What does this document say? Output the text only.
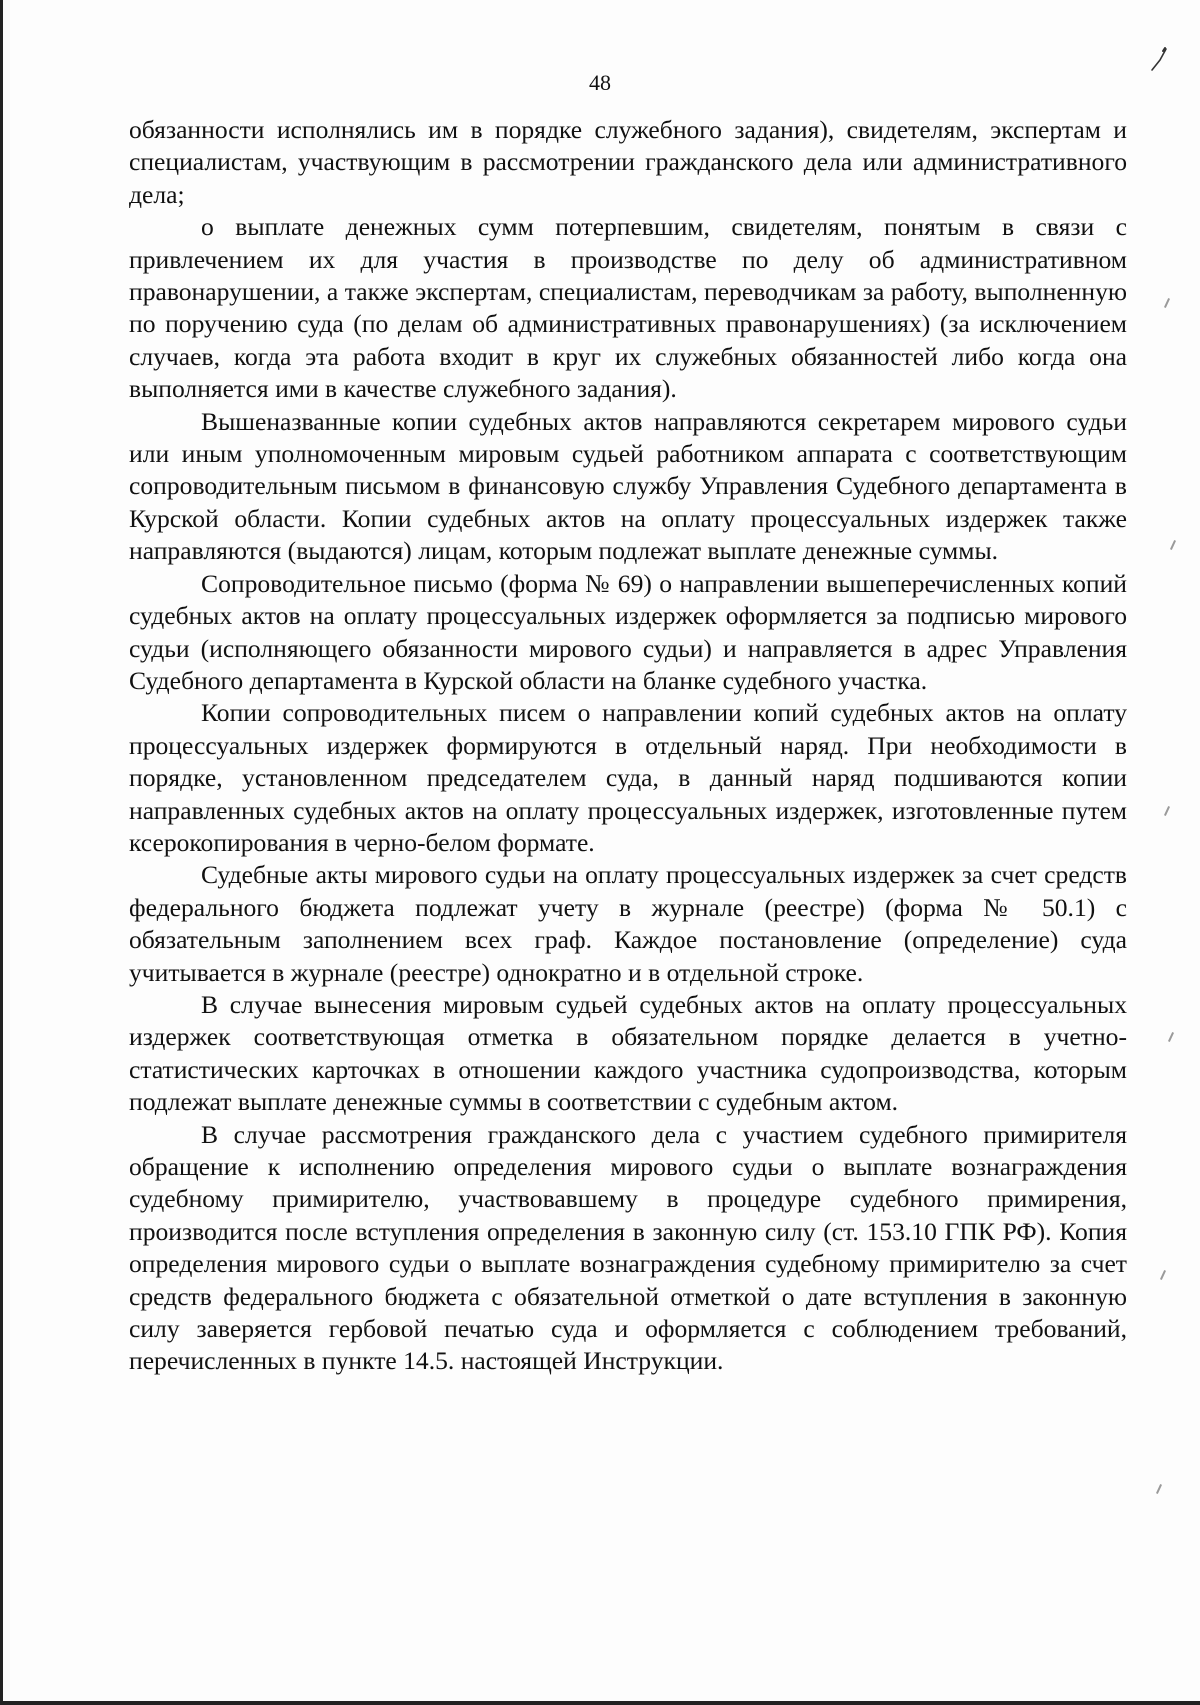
48

обязанности исполнялись им в порядке служебного задания), свидетелям, экспертам и специалистам, участвующим в рассмотрении гражданского дела или административного дела;

о выплате денежных сумм потерпевшим, свидетелям, понятым в связи с привлечением их для участия в производстве по делу об административном правонарушении, а также экспертам, специалистам, переводчикам за работу, выполненную по поручению суда (по делам об административных правонарушениях) (за исключением случаев, когда эта работа входит в круг их служебных обязанностей либо когда она выполняется ими в качестве служебного задания).

Вышеназванные копии судебных актов направляются секретарем мирового судьи или иным уполномоченным мировым судьей работником аппарата с соответствующим сопроводительным письмом в финансовую службу Управления Судебного департамента в Курской области. Копии судебных актов на оплату процессуальных издержек также направляются (выдаются) лицам, которым подлежат выплате денежные суммы.

Сопроводительное письмо (форма № 69) о направлении вышеперечисленных копий судебных актов на оплату процессуальных издержек оформляется за подписью мирового судьи (исполняющего обязанности мирового судьи) и направляется в адрес Управления Судебного департамента в Курской области на бланке судебного участка.

Копии сопроводительных писем о направлении копий судебных актов на оплату процессуальных издержек формируются в отдельный наряд. При необходимости в порядке, установленном председателем суда, в данный наряд подшиваются копии направленных судебных актов на оплату процессуальных издержек, изготовленные путем ксерокопирования в черно-белом формате.

Судебные акты мирового судьи на оплату процессуальных издержек за счет средств федерального бюджета подлежат учету в журнале (реестре) (форма № 50.1) с обязательным заполнением всех граф. Каждое постановление (определение) суда учитывается в журнале (реестре) однократно и в отдельной строке.

В случае вынесения мировым судьей судебных актов на оплату процессуальных издержек соответствующая отметка в обязательном порядке делается в учетно-статистических карточках в отношении каждого участника судопроизводства, которым подлежат выплате денежные суммы в соответствии с судебным актом.

В случае рассмотрения гражданского дела с участием судебного примирителя обращение к исполнению определения мирового судьи о выплате вознаграждения судебному примирителю, участвовавшему в процедуре судебного примирения, производится после вступления определения в законную силу (ст. 153.10 ГПК РФ). Копия определения мирового судьи о выплате вознаграждения судебному примирителю за счет средств федерального бюджета с обязательной отметкой о дате вступления в законную силу заверяется гербовой печатью суда и оформляется с соблюдением требований, перечисленных в пункте 14.5. настоящей Инструкции.
